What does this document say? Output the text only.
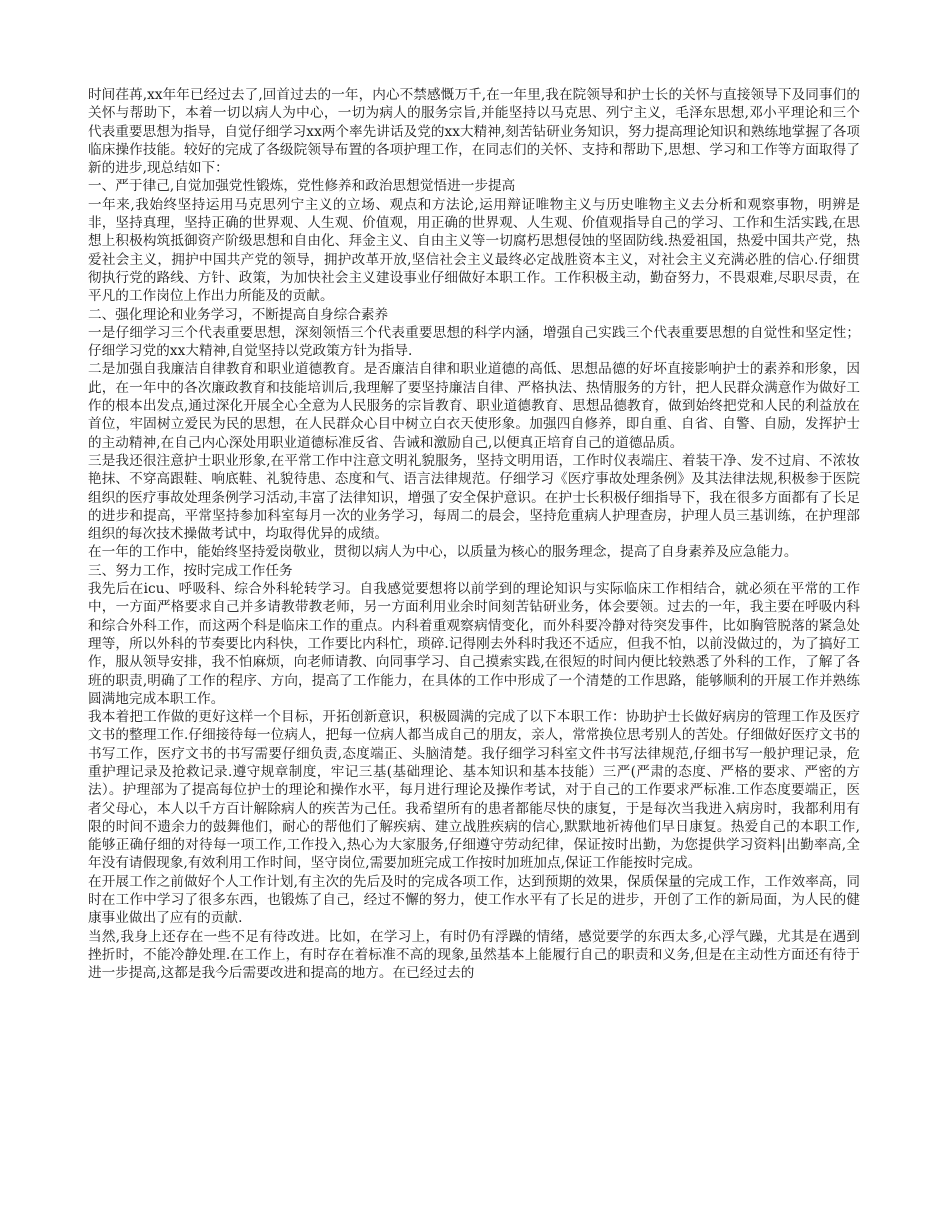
时间荏苒,xx年年已经过去了,回首过去的一年，内心不禁感慨万千,在一年里,我在院领导和护士长的关怀与直接领导下及同事们的关怀与帮助下，本着一切以病人为中心，一切为病人的服务宗旨,并能坚持以马克思、列宁主义，毛泽东思想,邓小平理论和三个代表重要思想为指导，自觉仔细学习xx两个率先讲话及党的xx大精神,刻苦钻研业务知识，努力提高理论知识和熟练地掌握了各项临床操作技能。较好的完成了各级院领导布置的各项护理工作，在同志们的关怀、支持和帮助下,思想、学习和工作等方面取得了新的进步,现总结如下：

一、严于律己,自觉加强党性锻炼，党性修养和政治思想觉悟进一步提高

一年来,我始终坚持运用马克思列宁主义的立场、观点和方法论,运用辩证唯物主义与历史唯物主义去分析和观察事物，明辨是非，坚持真理，坚持正确的世界观、人生观、价值观，用正确的世界观、人生观、价值观指导自己的学习、工作和生活实践,在思想上积极构筑抵御资产阶级思想和自由化、拜金主义、自由主义等一切腐朽思想侵蚀的坚固防线.热爱祖国，热爱中国共产党，热爱社会主义，拥护中国共产党的领导，拥护改革开放,坚信社会主义最终必定战胜资本主义，对社会主义充满必胜的信心.仔细贯彻执行党的路线、方针、政策，为加快社会主义建设事业仔细做好本职工作。工作积极主动，勤奋努力，不畏艰难,尽职尽责，在平凡的工作岗位上作出力所能及的贡献。

二、强化理论和业务学习，不断提高自身综合素养

一是仔细学习三个代表重要思想，深刻领悟三个代表重要思想的科学内涵，增强自己实践三个代表重要思想的自觉性和坚定性；仔细学习党的xx大精神,自觉坚持以党政策方针为指导.

二是加强自我廉洁自律教育和职业道德教育。是否廉洁自律和职业道德的高低、思想品德的好坏直接影响护士的素养和形象，因此，在一年中的各次廉政教育和技能培训后,我理解了要坚持廉洁自律、严格执法、热情服务的方针，把人民群众满意作为做好工作的根本出发点,通过深化开展全心全意为人民服务的宗旨教育、职业道德教育、思想品德教育，做到始终把党和人民的利益放在首位，牢固树立爱民为民的思想，在人民群众心目中树立白衣天使形象。加强四自修养，即自重、自省、自警、自励，发挥护士的主动精神,在自己内心深处用职业道德标准反省、告诫和激励自己,以便真正培育自己的道德品质。

三是我还很注意护士职业形象,在平常工作中注意文明礼貌服务，坚持文明用语，工作时仪表端庄、着装干净、发不过肩、不浓妆艳抹、不穿高跟鞋、响底鞋、礼貌待患、态度和气、语言法律规范。仔细学习《医疗事故处理条例》及其法律法规,积极参于医院组织的医疗事故处理条例学习活动,丰富了法律知识，增强了安全保护意识。在护士长积极仔细指导下，我在很多方面都有了长足的进步和提高，平常坚持参加科室每月一次的业务学习，每周二的晨会，坚持危重病人护理查房，护理人员三基训练，在护理部组织的每次技术操做考试中，均取得优异的成绩。

在一年的工作中，能始终坚持爱岗敬业，贯彻以病人为中心，以质量为核心的服务理念，提高了自身素养及应急能力。

三、努力工作，按时完成工作任务

我先后在icu、呼吸科、综合外科轮转学习。自我感觉要想将以前学到的理论知识与实际临床工作相结合，就必须在平常的工作中，一方面严格要求自己并多请教带教老师，另一方面利用业余时间刻苦钻研业务，体会要领。过去的一年，我主要在呼吸内科和综合外科工作，而这两个科是临床工作的重点。内科着重观察病情变化，而外科要冷静对待突发事件，比如胸管脱落的紧急处理等，所以外科的节奏要比内科快，工作要比内科忙，琐碎.记得刚去外科时我还不适应，但我不怕，以前没做过的，为了搞好工作，服从领导安排，我不怕麻烦，向老师请教、向同事学习、自己摸索实践,在很短的时间内便比较熟悉了外科的工作，了解了各班的职责,明确了工作的程序、方向，提高了工作能力，在具体的工作中形成了一个清楚的工作思路，能够顺利的开展工作并熟练圆满地完成本职工作。

我本着把工作做的更好这样一个目标，开拓创新意识，积极圆满的完成了以下本职工作：协助护士长做好病房的管理工作及医疗文书的整理工作.仔细接待每一位病人，把每一位病人都当成自己的朋友，亲人，常常换位思考别人的苦处。仔细做好医疗文书的书写工作，医疗文书的书写需要仔细负责,态度端正、头脑清楚。我仔细学习科室文件书写法律规范,仔细书写一般护理记录，危重护理记录及抢救记录.遵守规章制度，牢记三基(基础理论、基本知识和基本技能）三严(严肃的态度、严格的要求、严密的方法）。护理部为了提高每位护士的理论和操作水平，每月进行理论及操作考试，对于自己的工作要求严标准.工作态度要端正，医者父母心，本人以千方百计解除病人的疾苦为己任。我希望所有的患者都能尽快的康复，于是每次当我进入病房时，我都利用有限的时间不遗余力的鼓舞他们，耐心的帮他们了解疾病、建立战胜疾病的信心,默默地祈祷他们早日康复。热爱自己的本职工作,能够正确仔细的对待每一项工作,工作投入,热心为大家服务,仔细遵守劳动纪律，保证按时出勤，为您提供学习资料|出勤率高,全年没有请假现象,有效利用工作时间，坚守岗位,需要加班完成工作按时加班加点,保证工作能按时完成。

在开展工作之前做好个人工作计划,有主次的先后及时的完成各项工作，达到预期的效果，保质保量的完成工作，工作效率高，同时在工作中学习了很多东西，也锻炼了自己，经过不懈的努力，使工作水平有了长足的进步，开创了工作的新局面，为人民的健康事业做出了应有的贡献.

当然,我身上还存在一些不足有待改进。比如，在学习上，有时仍有浮躁的情绪，感觉要学的东西太多,心浮气躁，尤其是在遇到挫折时，不能冷静处理.在工作上，有时存在着标准不高的现象,虽然基本上能履行自己的职责和义务,但是在主动性方面还有待于进一步提高,这都是我今后需要改进和提高的地方。在已经过去的
